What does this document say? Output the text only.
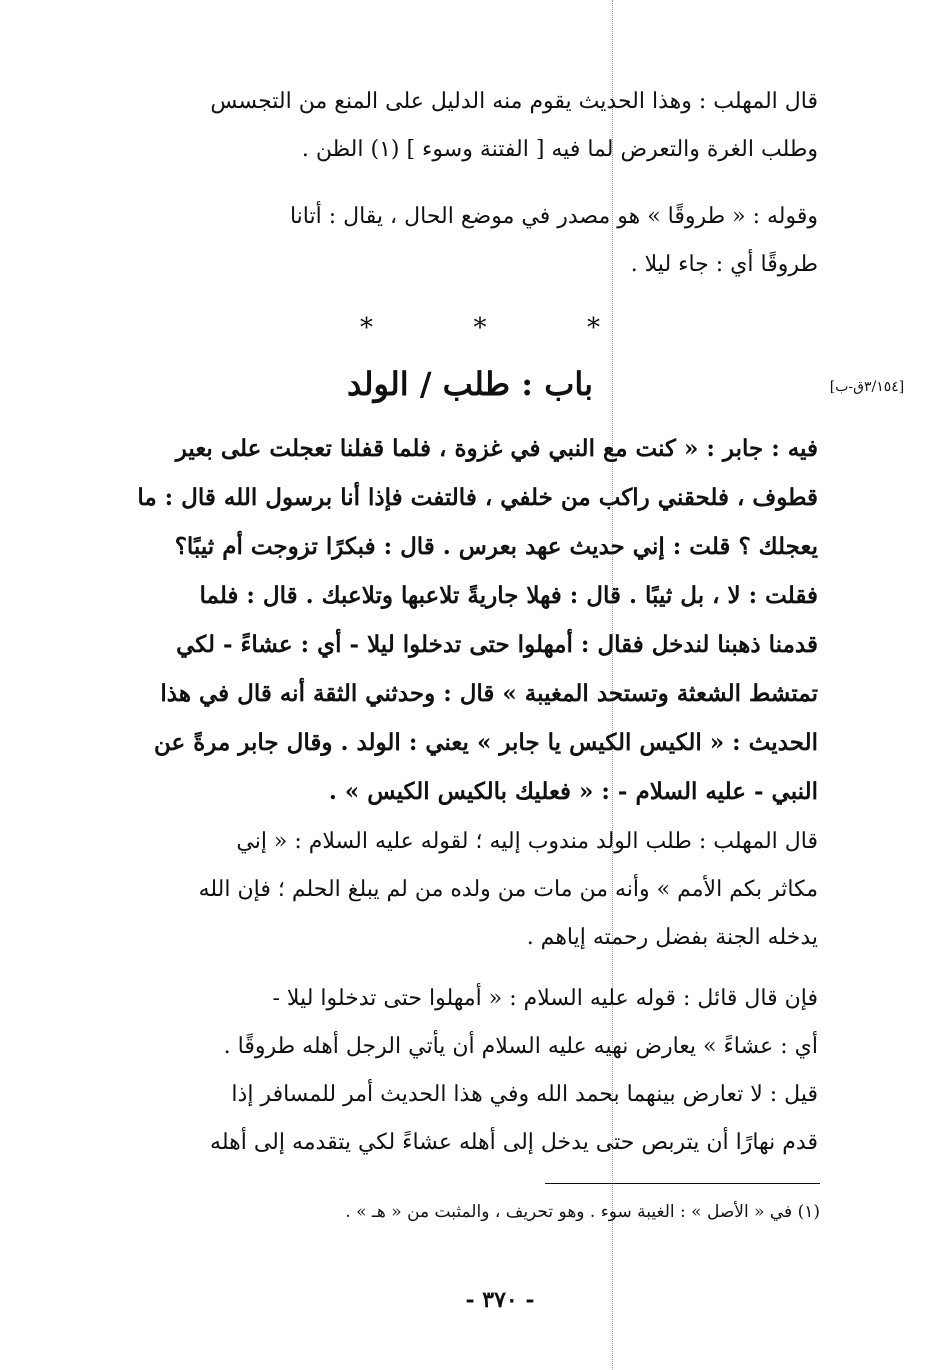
قال المهلب : وهذا الحديث يقوم منه الدليل على المنع من التجسس
وطلب الغرة والتعرض لما فيه [ الفتنة وسوء ] (١) الظن .
وقوله : « طروقًا » هو مصدر في موضع الحال ، يقال : أتانا
طروقًا أي : جاء ليلا .
*
*
*
باب : طلب / الولد	[٣/١٥٤ق-ب]
فيه : جابر : « كنت مع النبي في غزوة ، فلما قفلنا تعجلت على بعير
قطوف ، فلحقني راكب من خلفي ، فالتفت فإذا أنا برسول الله قال : ما
يعجلك ؟ قلت : إني حديث عهد بعرس . قال : فبكرًا تزوجت أم ثيبًا؟
فقلت : لا ، بل ثيبًا . قال : فهلا جاريةً تلاعبها وتلاعبك . قال : فلما
قدمنا ذهبنا لندخل فقال : أمهلوا حتى تدخلوا ليلا - أي : عشاءً - لكي
تمتشط الشعثة وتستحد المغيبة » قال : وحدثني الثقة أنه قال في هذا
الحديث : « الكيس الكيس يا جابر » يعني : الولد . وقال جابر مرةً عن
النبي - عليه السلام - : « فعليك بالكيس الكيس » .
قال المهلب : طلب الولد مندوب إليه ؛ لقوله عليه السلام : « إني
مكاثر بكم الأمم » وأنه من مات من ولده من لم يبلغ الحلم ؛ فإن الله
يدخله الجنة بفضل رحمته إياهم .
فإن قال قائل : قوله عليه السلام : « أمهلوا حتى تدخلوا ليلا -
أي : عشاءً » يعارض نهيه عليه السلام أن يأتي الرجل أهله طروقًا .
قيل : لا تعارض بينهما بحمد الله وفي هذا الحديث أمر للمسافر إذا
قدم نهارًا أن يتربص حتى يدخل إلى أهله عشاءً لكي يتقدمه إلى أهله
(١) في « الأصل » : الغيبة سوء . وهو تحريف ، والمثبت من « هـ » .
- ٣٧٠ -
